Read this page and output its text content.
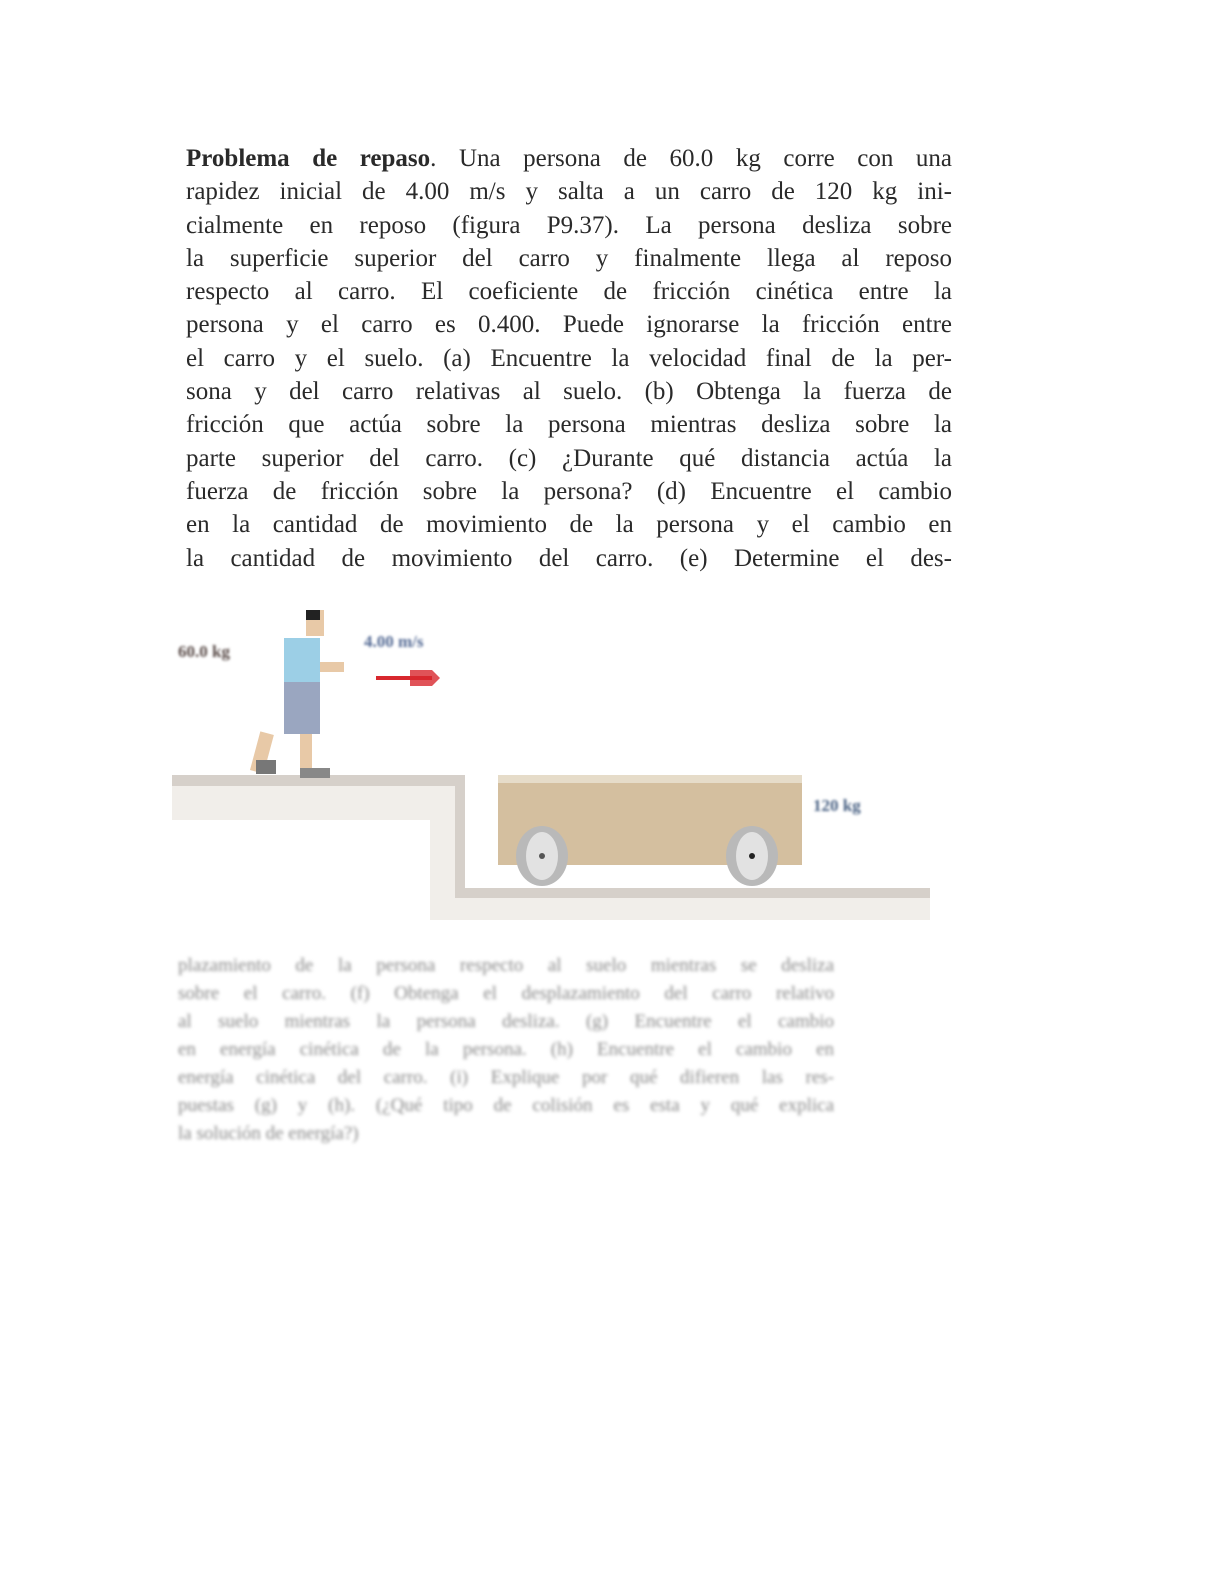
Problema de repaso. Una persona de 60.0 kg corre con una
rapidez inicial de 4.00 m/s y salta a un carro de 120 kg ini-
cialmente en reposo (figura P9.37). La persona desliza sobre
la superficie superior del carro y finalmente llega al reposo
respecto al carro. El coeficiente de fricción cinética entre la
persona y el carro es 0.400. Puede ignorarse la fricción entre
el carro y el suelo. (a) Encuentre la velocidad final de la per-
sona y del carro relativas al suelo. (b) Obtenga la fuerza de
fricción que actúa sobre la persona mientras desliza sobre la
parte superior del carro. (c) ¿Durante qué distancia actúa la
fuerza de fricción sobre la persona? (d) Encuentre el cambio
en la cantidad de movimiento de la persona y el cambio en
la cantidad de movimiento del carro. (e) Determine el des-
60.0 kg
4.00 m/s
120 kg
plazamiento de la persona respecto al suelo mientras se desliza
sobre el carro. (f) Obtenga el desplazamiento del carro relativo
al suelo mientras la persona desliza. (g) Encuentre el cambio
en energía cinética de la persona. (h) Encuentre el cambio en
energía cinética del carro. (i) Explique por qué difieren las res-
puestas (g) y (h). (¿Qué tipo de colisión es esta y qué explica
la solución de energía?)
